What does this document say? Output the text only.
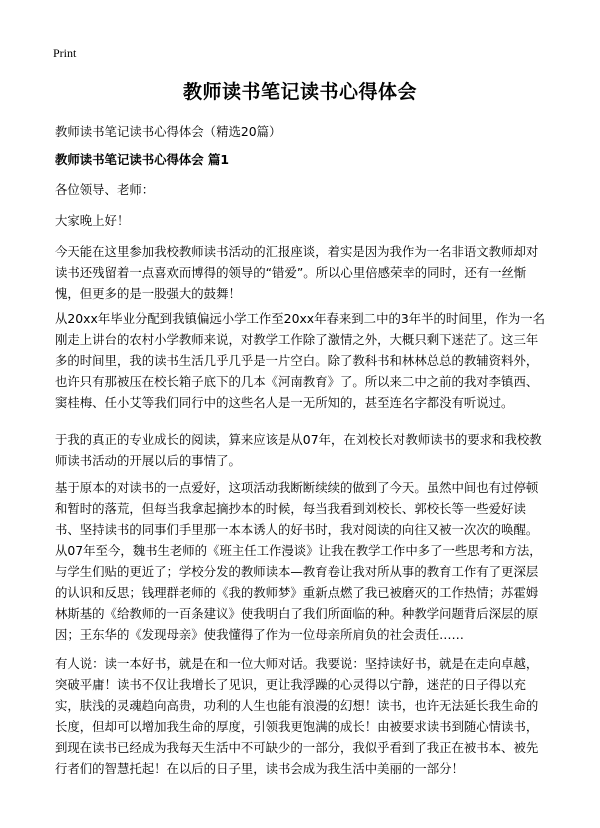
Print
教师读书笔记读书心得体会
教师读书笔记读书心得体会（精选20篇）
教师读书笔记读书心得体会 篇1
各位领导、老师：
大家晚上好！
今天能在这里参加我校教师读书活动的汇报座谈，着实是因为我作为一名非语文教师却对读书还残留着一点喜欢而博得的领导的“错爱”。所以心里倍感荣幸的同时，还有一丝惭愧，但更多的是一股强大的鼓舞！
从20xx年毕业分配到我镇偏远小学工作至20xx年春来到二中的3年半的时间里，作为一名刚走上讲台的农村小学教师来说，对教学工作除了激情之外，大概只剩下迷茫了。这三年多的时间里，我的读书生活几乎几乎是一片空白。除了教科书和林林总总的教辅资料外，也许只有那被压在校长箱子底下的几本《河南教育》了。所以来二中之前的我对李镇西、窦桂梅、任小艾等我们同行中的这些名人是一无所知的，甚至连名字都没有听说过。
于我的真正的专业成长的阅读，算来应该是从07年，在刘校长对教师读书的要求和我校教师读书活动的开展以后的事情了。
基于原本的对读书的一点爱好，这项活动我断断续续的做到了今天。虽然中间也有过停顿和暂时的落荒，但每当我拿起摘抄本的时候，每当我看到刘校长、郭校长等一些爱好读书、坚持读书的同事们手里那一本本诱人的好书时，我对阅读的向往又被一次次的唤醒。从07年至今，魏书生老师的《班主任工作漫谈》让我在教学工作中多了一些思考和方法，与学生们贴的更近了；学校分发的教师读本—教育卷让我对所从事的教育工作有了更深层的认识和反思；钱理群老师的《我的教师梦》重新点燃了我已被磨灭的工作热情；苏霍姆林斯基的《给教师的一百条建议》使我明白了我们所面临的种。种教学问题背后深层的原因；王东华的《发现母亲》使我懂得了作为一位母亲所肩负的社会责任……
有人说：读一本好书，就是在和一位大师对话。我要说：坚持读好书，就是在走向卓越，突破平庸！读书不仅让我增长了见识，更让我浮躁的心灵得以宁静，迷茫的日子得以充实，肤浅的灵魂趋向高贵，功利的人生也能有浪漫的幻想！读书，也许无法延长我生命的长度，但却可以增加我生命的厚度，引领我更饱满的成长！由被要求读书到随心情读书，到现在读书已经成为我每天生活中不可缺少的一部分，我似乎看到了我正在被书本、被先行者们的智慧托起！在以后的日子里，读书会成为我生活中美丽的一部分！
